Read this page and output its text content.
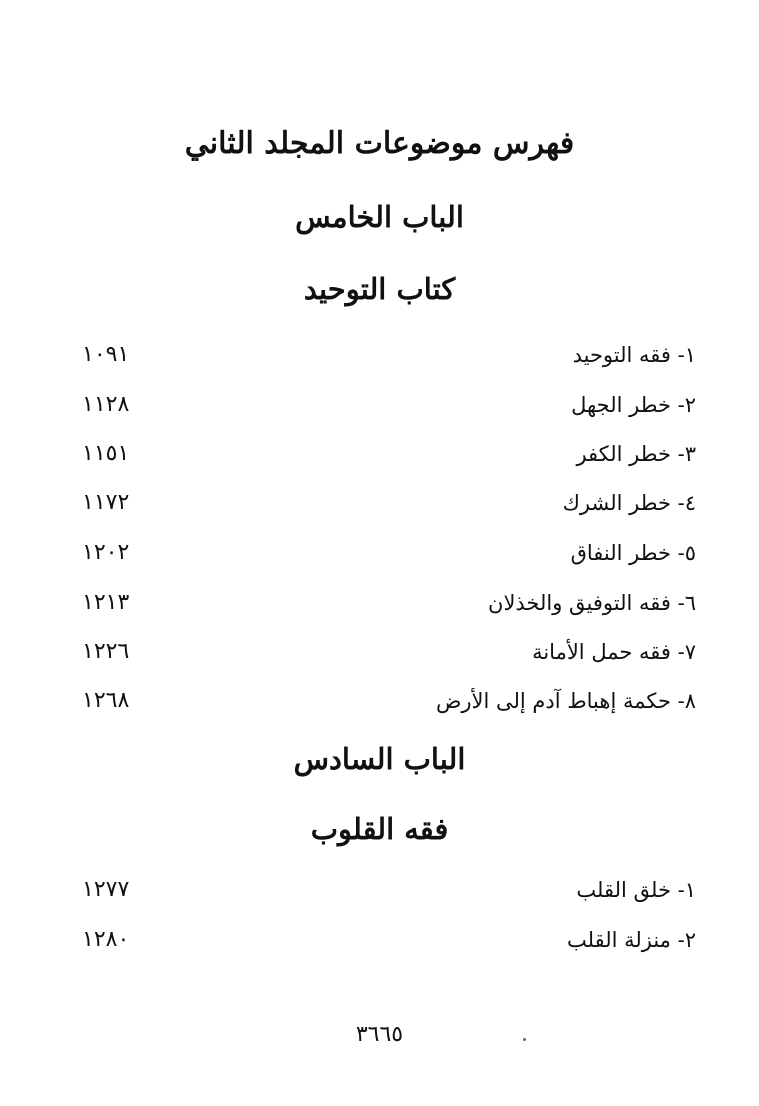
فهرس موضوعات المجلد الثاني
الباب الخامس
كتاب التوحيد
١- فقه التوحيد
١٠٩١
٢- خطر الجهل
١١٢٨
٣- خطر الكفر
١١٥١
٤- خطر الشرك
١١٧٢
٥- خطر النفاق
١٢٠٢
٦- فقه التوفيق والخذلان
١٢١٣
٧- فقه حمل الأمانة
١٢٢٦
٨- حكمة إهباط آدم إلى الأرض
١٢٦٨
الباب السادس
فقه القلوب
١- خلق القلب
١٢٧٧
٢- منزلة القلب
١٢٨٠
٣٦٦٥
